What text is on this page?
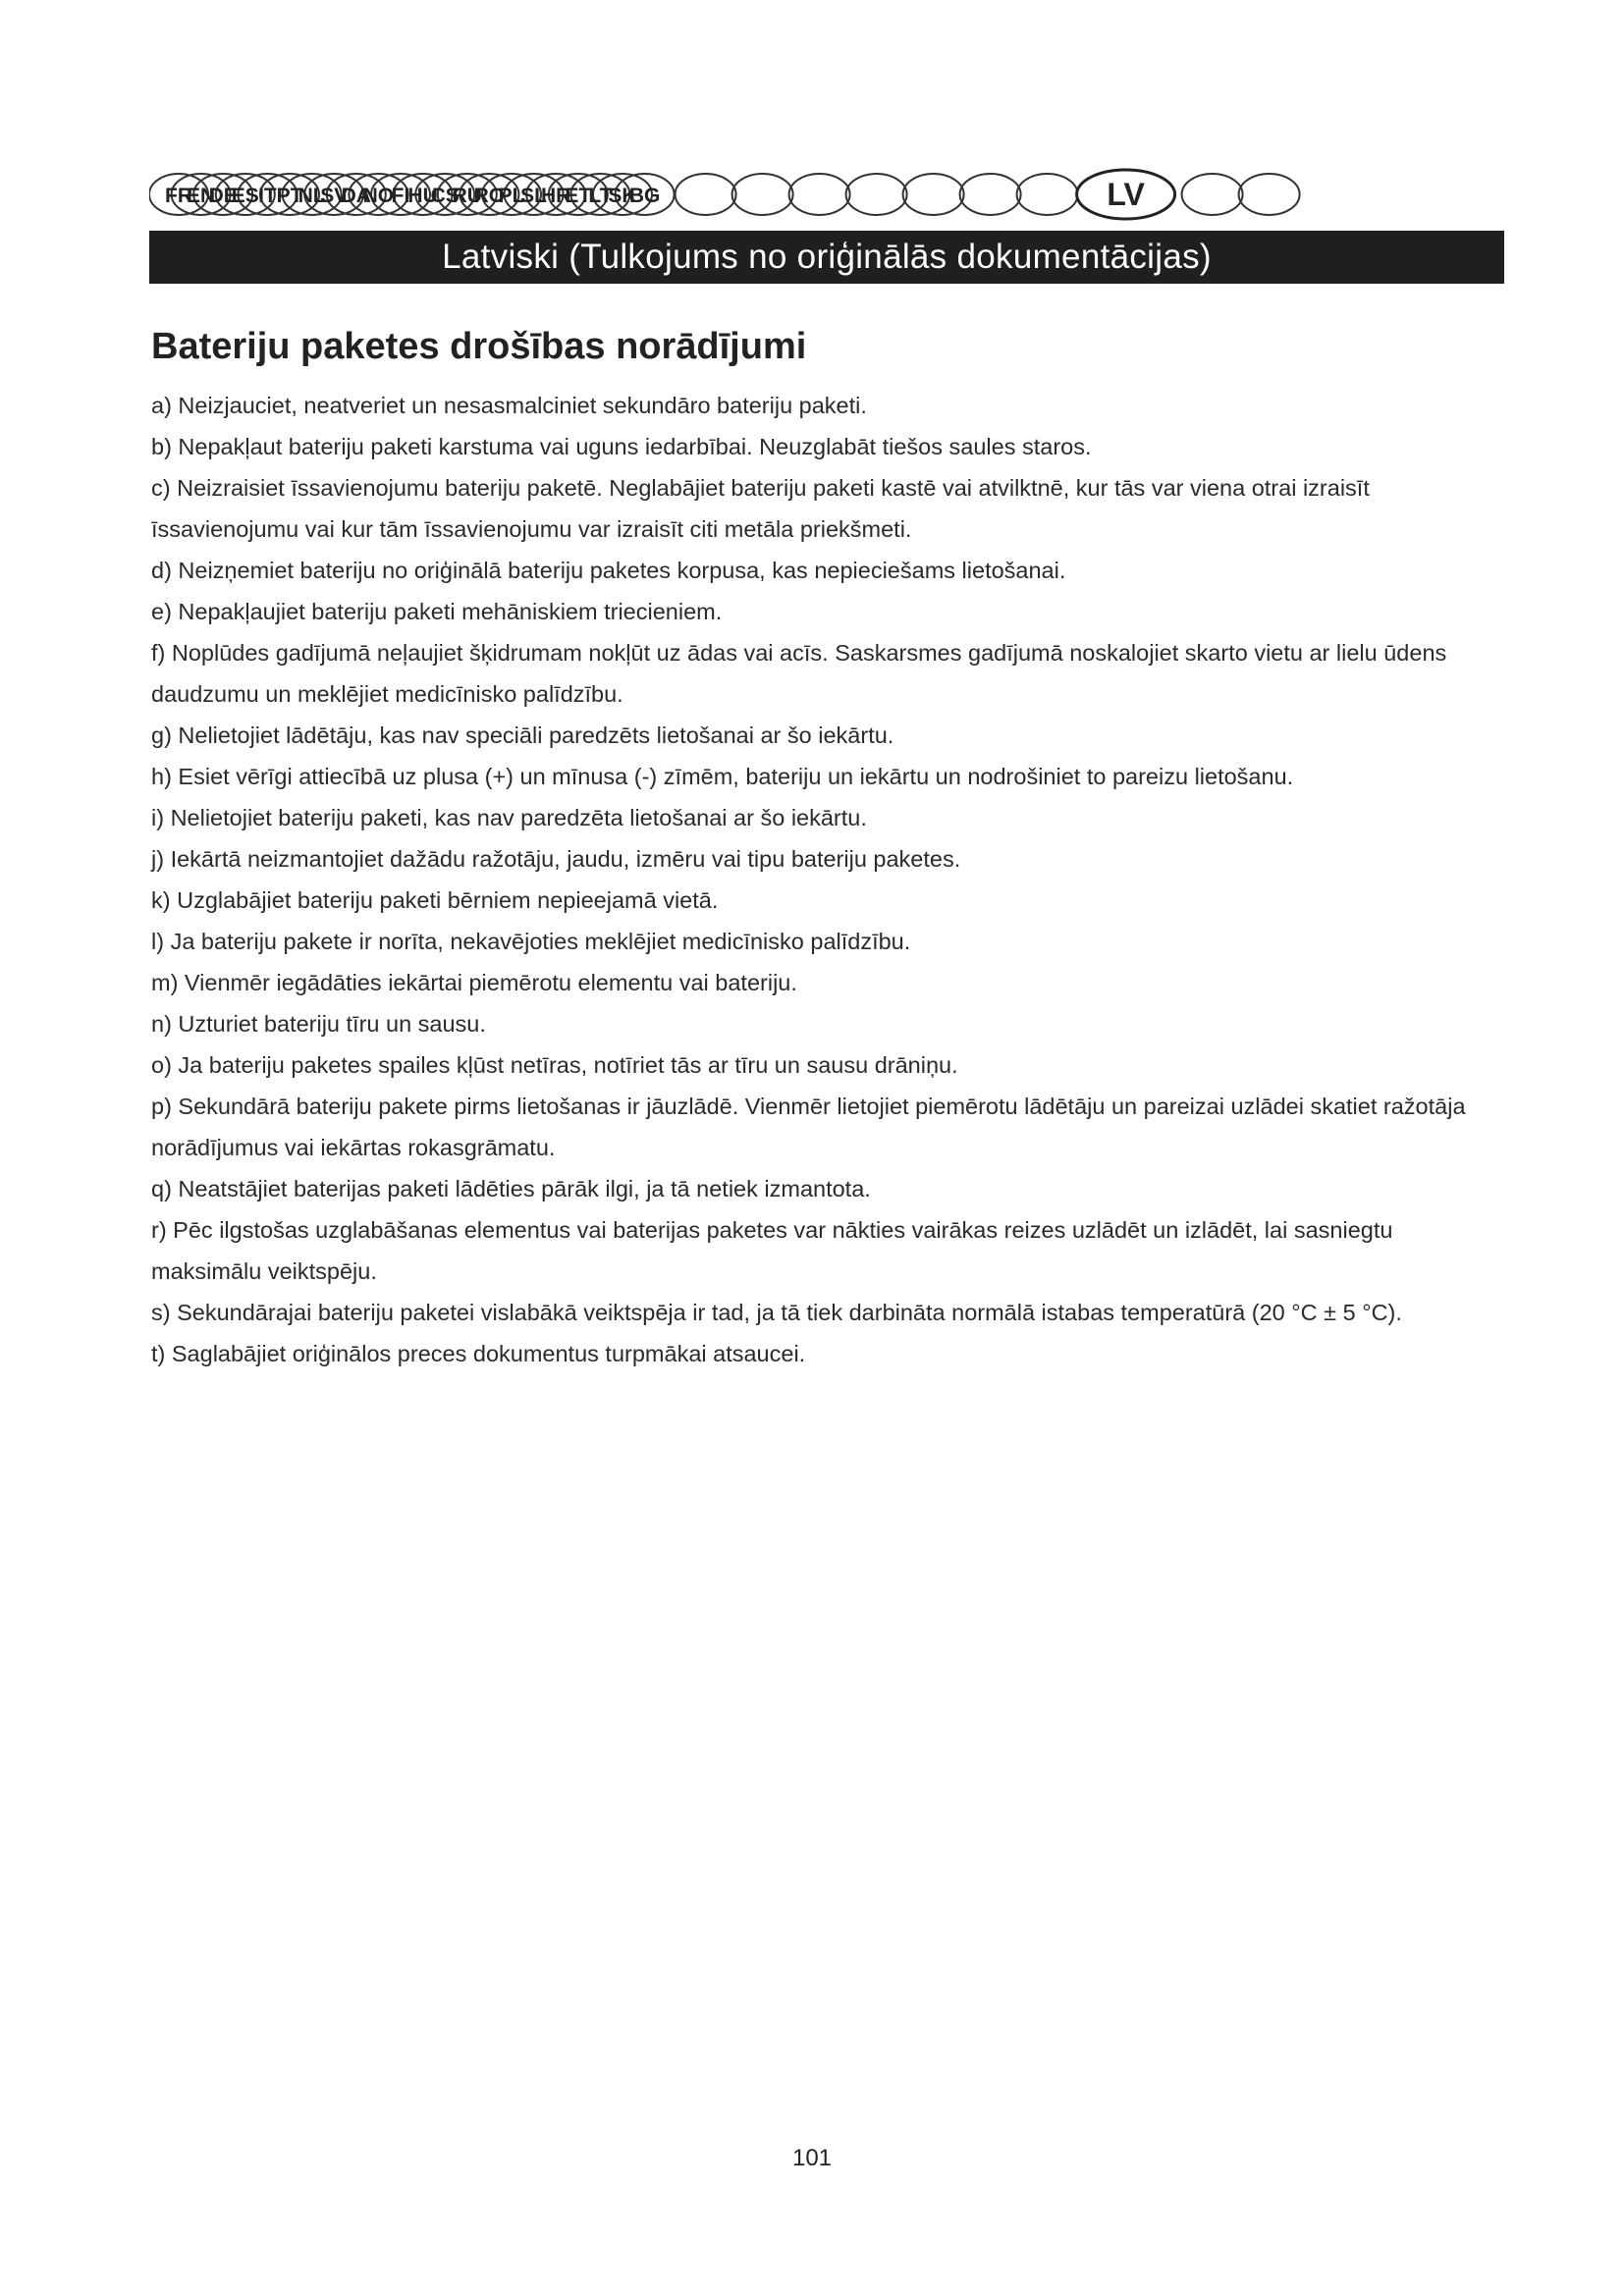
FR
EN
DE
ES IT PT
NL
SV
DA
NO
FI
HU
CS
RU
RO
PL
SL
HR
ET
LT
SK
BG	LV
Latviski (Tulkojums no oriģinālās dokumentācijas)
Bateriju paketes drošības norādījumi
a) Neizjauciet, neatveriet un nesasmalciniet sekundāro bateriju paketi.
b) Nepakļaut bateriju paketi karstuma vai uguns iedarbībai. Neuzglabāt tiešos saules staros.
c) Neizraisiet īssavienojumu bateriju paketē. Neglabājiet bateriju paketi kastē vai atvilktnē, kur tās var viena otrai izraisīt īssavienojumu vai kur tām īssavienojumu var izraisīt citi metāla priekšmeti.
d) Neizņemiet bateriju no oriģinālā bateriju paketes korpusa, kas nepieciešams lietošanai.
e) Nepakļaujiet bateriju paketi mehāniskiem triecieniem.
f) Noplūdes gadījumā neļaujiet šķidrumam nokļūt uz ādas vai acīs. Saskarsmes gadījumā noskalojiet skarto vietu ar lielu ūdens daudzumu un meklējiet medicīnisko palīdzību.
g) Nelietojiet lādētāju, kas nav speciāli paredzēts lietošanai ar šo iekārtu.
h) Esiet vērīgi attiecībā uz plusa (+) un mīnusa (-) zīmēm, bateriju un iekārtu un nodrošiniet to pareizu lietošanu.
i) Nelietojiet bateriju paketi, kas nav paredzēta lietošanai ar šo iekārtu.
j) Iekārtā neizmantojiet dažādu ražotāju, jaudu, izmēru vai tipu bateriju paketes.
k) Uzglabājiet bateriju paketi bērniem nepieejamā vietā.
l) Ja bateriju pakete ir norīta, nekavējoties meklējiet medicīnisko palīdzību.
m) Vienmēr iegādāties iekārtai piemērotu elementu vai bateriju.
n) Uzturiet bateriju tīru un sausu.
o) Ja bateriju paketes spailes kļūst netīras, notīriet tās ar tīru un sausu drāniņu.
p) Sekundārā bateriju pakete pirms lietošanas ir jāuzlādē. Vienmēr lietojiet piemērotu lādētāju un pareizai uzlādei skatiet ražotāja norādījumus vai iekārtas rokasgrāmatu.
q) Neatstājiet baterijas paketi lādēties pārāk ilgi, ja tā netiek izmantota.
r) Pēc ilgstošas uzglabāšanas elementus vai baterijas paketes var nākties vairākas reizes uzlādēt un izlādēt, lai sasniegtu maksimālu veiktspēju.
s) Sekundārajai bateriju paketei vislabākā veiktspēja ir tad, ja tā tiek darbināta normālā istabas temperatūrā (20 °C ± 5 °C).
t) Saglabājiet oriģinālos preces dokumentus turpmākai atsaucei.
101
